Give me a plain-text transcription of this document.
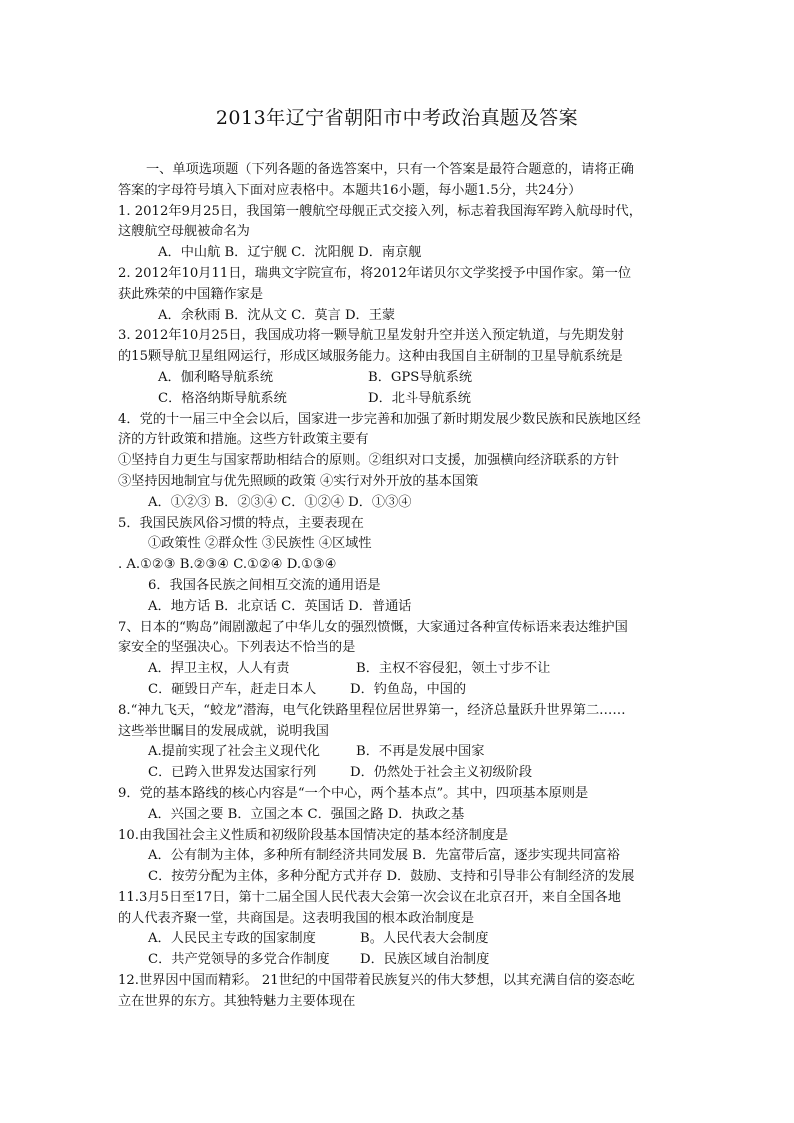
2013年辽宁省朝阳市中考政治真题及答案
一、单项选项题（下列各题的备选答案中，只有一个答案是最符合题意的，请将正确
答案的字母符号填入下面对应表格中。本题共16小题，每小题1.5分，共24分）
1. 2012年9月25日，我国第一艘航空母舰正式交接入列，标志着我国海军跨入航母时代，
这艘航空母舰被命名为
A．中山航 B．辽宁舰 C．沈阳舰 D．南京舰
2. 2012年10月11日，瑞典文字院宣布，将2012年诺贝尔文学奖授予中国作家。第一位
获此殊荣的中国籍作家是
A．余秋雨 B．沈从文 C．莫言 D．王蒙
3. 2012年10月25日，我国成功将一颗导航卫星发射升空并送入预定轨道，与先期发射
的15颗导航卫星组网运行，形成区域服务能力。这种由我国自主研制的卫星导航系统是
A．伽利略导航系统	B．GPS导航系统
C．格洛纳斯导航系统	D．北斗导航系统
4．党的十一届三中全会以后，国家进一步完善和加强了新时期发展少数民族和民族地区经
济的方针政策和措施。这些方针政策主要有
①坚持自力更生与国家帮助相结合的原则。②组织对口支援，加强横向经济联系的方针
③坚持因地制宜与优先照顾的政策 ④实行对外开放的基本国策
A．①②③ B．②③④ C．①②④ D．①③④
5．我国民族风俗习惯的特点，主要表现在
①政策性 ②群众性 ③民族性 ④区域性
. A.①②③ B.②③④ C.①②④ D.①③④
6．我国各民族之间相互交流的通用语是
A．地方话 B．北京话 C．英国话 D．普通话
7、日本的“购岛”闹剧激起了中华儿女的强烈愤慨，大家通过各种宣传标语来表达维护国
家安全的坚强决心。下列表达不恰当的是
A．捍卫主权，人人有责	B．主权不容侵犯，领土寸步不让
C．砸毁日产车，赶走日本人	D．钓鱼岛，中国的
8.“神九飞天，“蛟龙”潜海，电气化铁路里程位居世界第一，经济总量跃升世界第二……
这些举世瞩目的发展成就，说明我国
A.提前实现了社会主义现代化	B．不再是发展中国家
C．已跨入世界发达国家行列	D．仍然处于社会主义初级阶段
9．党的基本路线的核心内容是“一个中心，两个基本点”。其中，四项基本原则是
A．兴国之要 B．立国之本 C．强国之路 D．执政之基
10.由我国社会主义性质和初级阶段基本国情决定的基本经济制度是
A．公有制为主体，多种所有制经济共同发展 B．先富带后富，逐步实现共同富裕
C．按劳分配为主体，多种分配方式并存 D．鼓励、支持和引导非公有制经济的发展
11.3月5日至17日，第十二届全国人民代表大会第一次会议在北京召开，来自全国各地
的人代表齐聚一堂，共商国是。这表明我国的根本政治制度是
A．人民民主专政的国家制度	B。人民代表大会制度
C．共产党领导的多党合作制度	D．民族区域自治制度
12.世界因中国而精彩。 21世纪的中国带着民族复兴的伟大梦想，以其充满自信的姿态屹
立在世界的东方。其独特魅力主要体现在
